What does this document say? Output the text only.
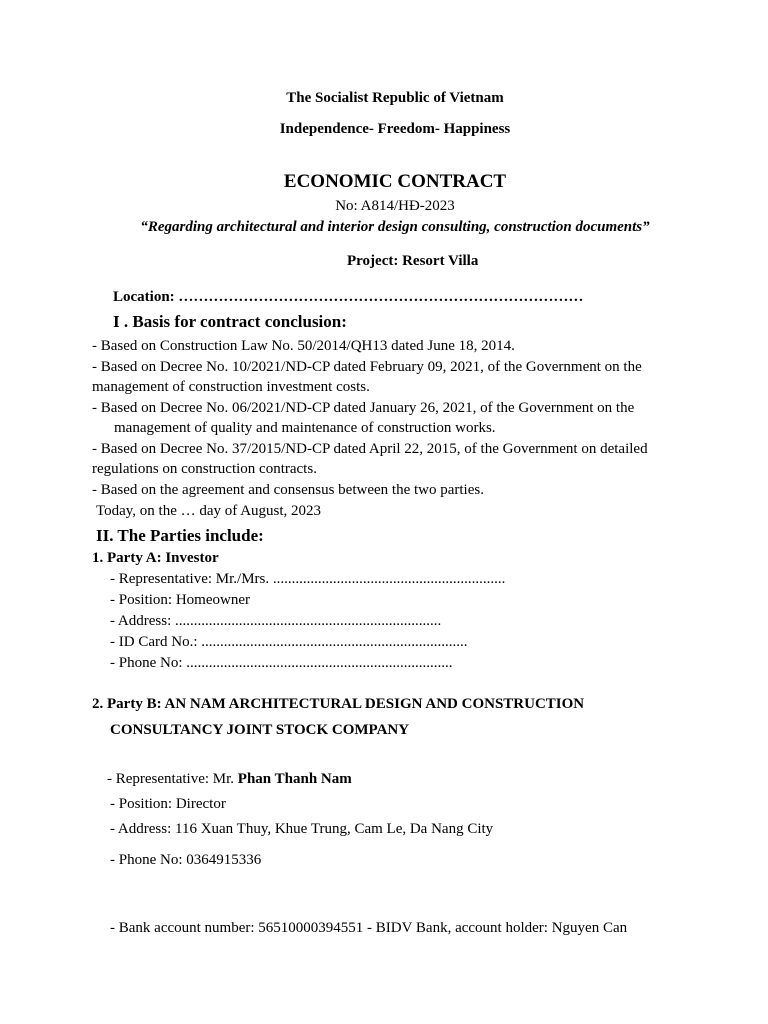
The Socialist Republic of Vietnam
Independence- Freedom- Happiness
ECONOMIC CONTRACT
No: A814/HĐ-2023
“Regarding architectural and interior design consulting, construction documents”
Project: Resort Villa
Location: ………………………………………………………………………
I . Basis for contract conclusion:
- Based on Construction Law No. 50/2014/QH13 dated June 18, 2014.
- Based on Decree No. 10/2021/ND-CP dated February 09, 2021, of the Government on the
management of construction investment costs.
- Based on Decree No. 06/2021/ND-CP dated January 26, 2021, of the Government on the
management of quality and maintenance of construction works.
- Based on Decree No. 37/2015/ND-CP dated April 22, 2015, of the Government on detailed
regulations on construction contracts.
- Based on the agreement and consensus between the two parties.
Today, on the … day of August, 2023
II. The Parties include:
1. Party A: Investor
- Representative: Mr./Mrs. ..............................................................
- Position: Homeowner
- Address: .......................................................................
- ID Card No.: .......................................................................
- Phone No: .......................................................................
2. Party B: AN NAM ARCHITECTURAL DESIGN AND CONSTRUCTION
CONSULTANCY JOINT STOCK COMPANY
- Representative: Mr. Phan Thanh Nam
- Position: Director
- Address: 116 Xuan Thuy, Khue Trung, Cam Le, Da Nang City
- Phone No: 0364915336
- Bank account number: 56510000394551 - BIDV Bank, account holder: Nguyen Can
